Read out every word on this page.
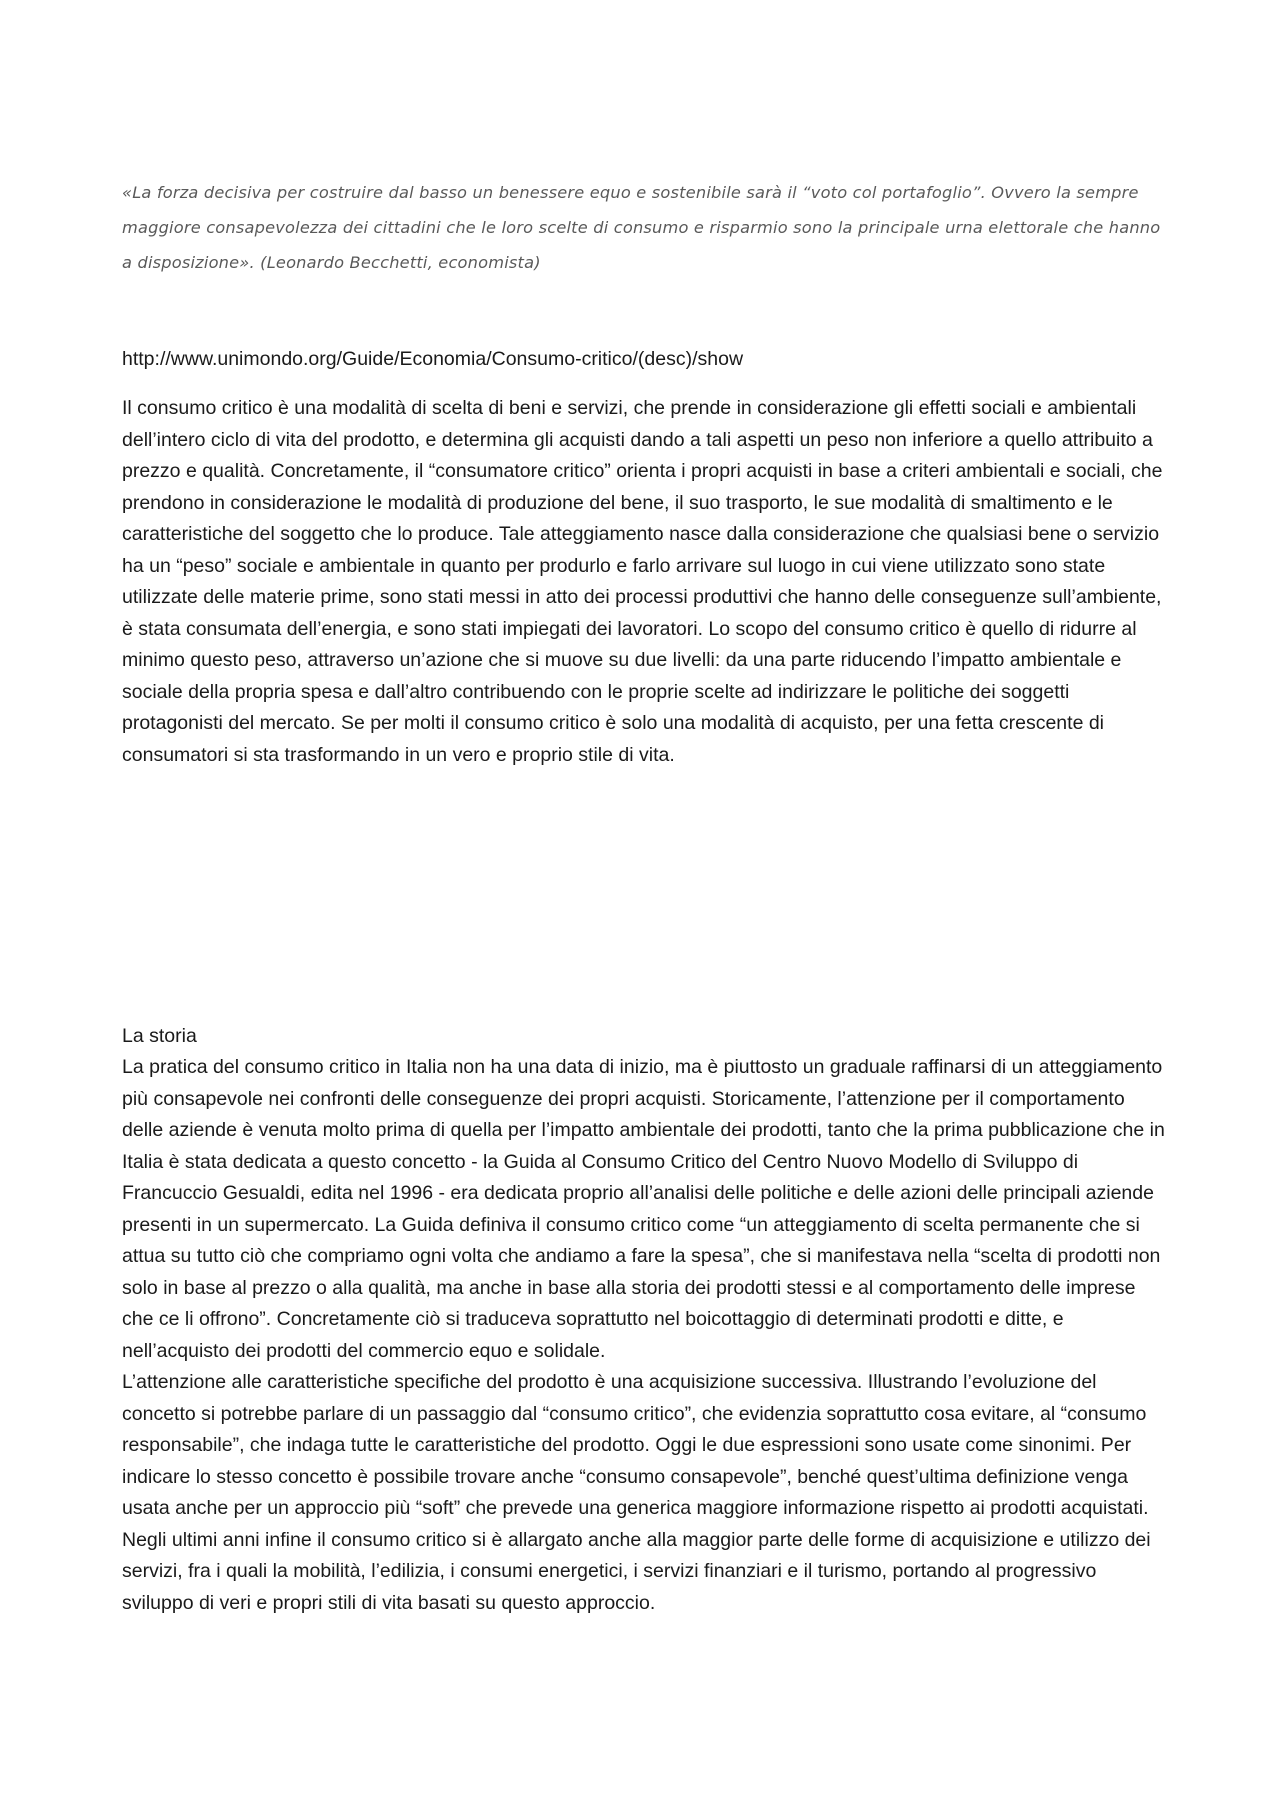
«La forza decisiva per costruire dal basso un benessere equo e sostenibile sarà il “voto col portafoglio”. Ovvero la sempre maggiore consapevolezza dei cittadini che le loro scelte di consumo e risparmio sono la principale urna elettorale che hanno a disposizione». (Leonardo Becchetti, economista)

http://www.unimondo.org/Guide/Economia/Consumo-critico/(desc)/show

Il consumo critico è una modalità di scelta di beni e servizi, che prende in considerazione gli effetti sociali e ambientali dell’intero ciclo di vita del prodotto, e determina gli acquisti dando a tali aspetti un peso non inferiore a quello attribuito a prezzo e qualità. Concretamente, il “consumatore critico” orienta i propri acquisti in base a criteri ambientali e sociali, che prendono in considerazione le modalità di produzione del bene, il suo trasporto, le sue modalità di smaltimento e le caratteristiche del soggetto che lo produce. Tale atteggiamento nasce dalla considerazione che qualsiasi bene o servizio ha un “peso” sociale e ambientale in quanto per produrlo e farlo arrivare sul luogo in cui viene utilizzato sono state utilizzate delle materie prime, sono stati messi in atto dei processi produttivi che hanno delle conseguenze sull’ambiente, è stata consumata dell’energia, e sono stati impiegati dei lavoratori. Lo scopo del consumo critico è quello di ridurre al minimo questo peso, attraverso un’azione che si muove su due livelli: da una parte riducendo l’impatto ambientale e sociale della propria spesa e dall’altro contribuendo con le proprie scelte ad indirizzare le politiche dei soggetti protagonisti del mercato. Se per molti il consumo critico è solo una modalità di acquisto, per una fetta crescente di consumatori si sta trasformando in un vero e proprio stile di vita.

La storia

La pratica del consumo critico in Italia non ha una data di inizio, ma è piuttosto un graduale raffinarsi di un atteggiamento più consapevole nei confronti delle conseguenze dei propri acquisti. Storicamente, l’attenzione per il comportamento delle aziende è venuta molto prima di quella per l’impatto ambientale dei prodotti, tanto che la prima pubblicazione che in Italia è stata dedicata a questo concetto - la Guida al Consumo Critico del Centro Nuovo Modello di Sviluppo di Francuccio Gesualdi, edita nel 1996 - era dedicata proprio all’analisi delle politiche e delle azioni delle principali aziende presenti in un supermercato. La Guida definiva il consumo critico come “un atteggiamento di scelta permanente che si attua su tutto ciò che compriamo ogni volta che andiamo a fare la spesa”, che si manifestava nella “scelta di prodotti non solo in base al prezzo o alla qualità, ma anche in base alla storia dei prodotti stessi e al comportamento delle imprese che ce li offrono”. Concretamente ciò si traduceva soprattutto nel boicottaggio di determinati prodotti e ditte, e nell’acquisto dei prodotti del commercio equo e solidale.

L’attenzione alle caratteristiche specifiche del prodotto è una acquisizione successiva. Illustrando l’evoluzione del concetto si potrebbe parlare di un passaggio dal “consumo critico”, che evidenzia soprattutto cosa evitare, al “consumo responsabile”, che indaga tutte le caratteristiche del prodotto. Oggi le due espressioni sono usate come sinonimi. Per indicare lo stesso concetto è possibile trovare anche “consumo consapevole”, benché quest’ultima definizione venga usata anche per un approccio più “soft” che prevede una generica maggiore informazione rispetto ai prodotti acquistati.

Negli ultimi anni infine il consumo critico si è allargato anche alla maggior parte delle forme di acquisizione e utilizzo dei servizi, fra i quali la mobilità, l’edilizia, i consumi energetici, i servizi finanziari e il turismo, portando al progressivo sviluppo di veri e propri stili di vita basati su questo approccio.
